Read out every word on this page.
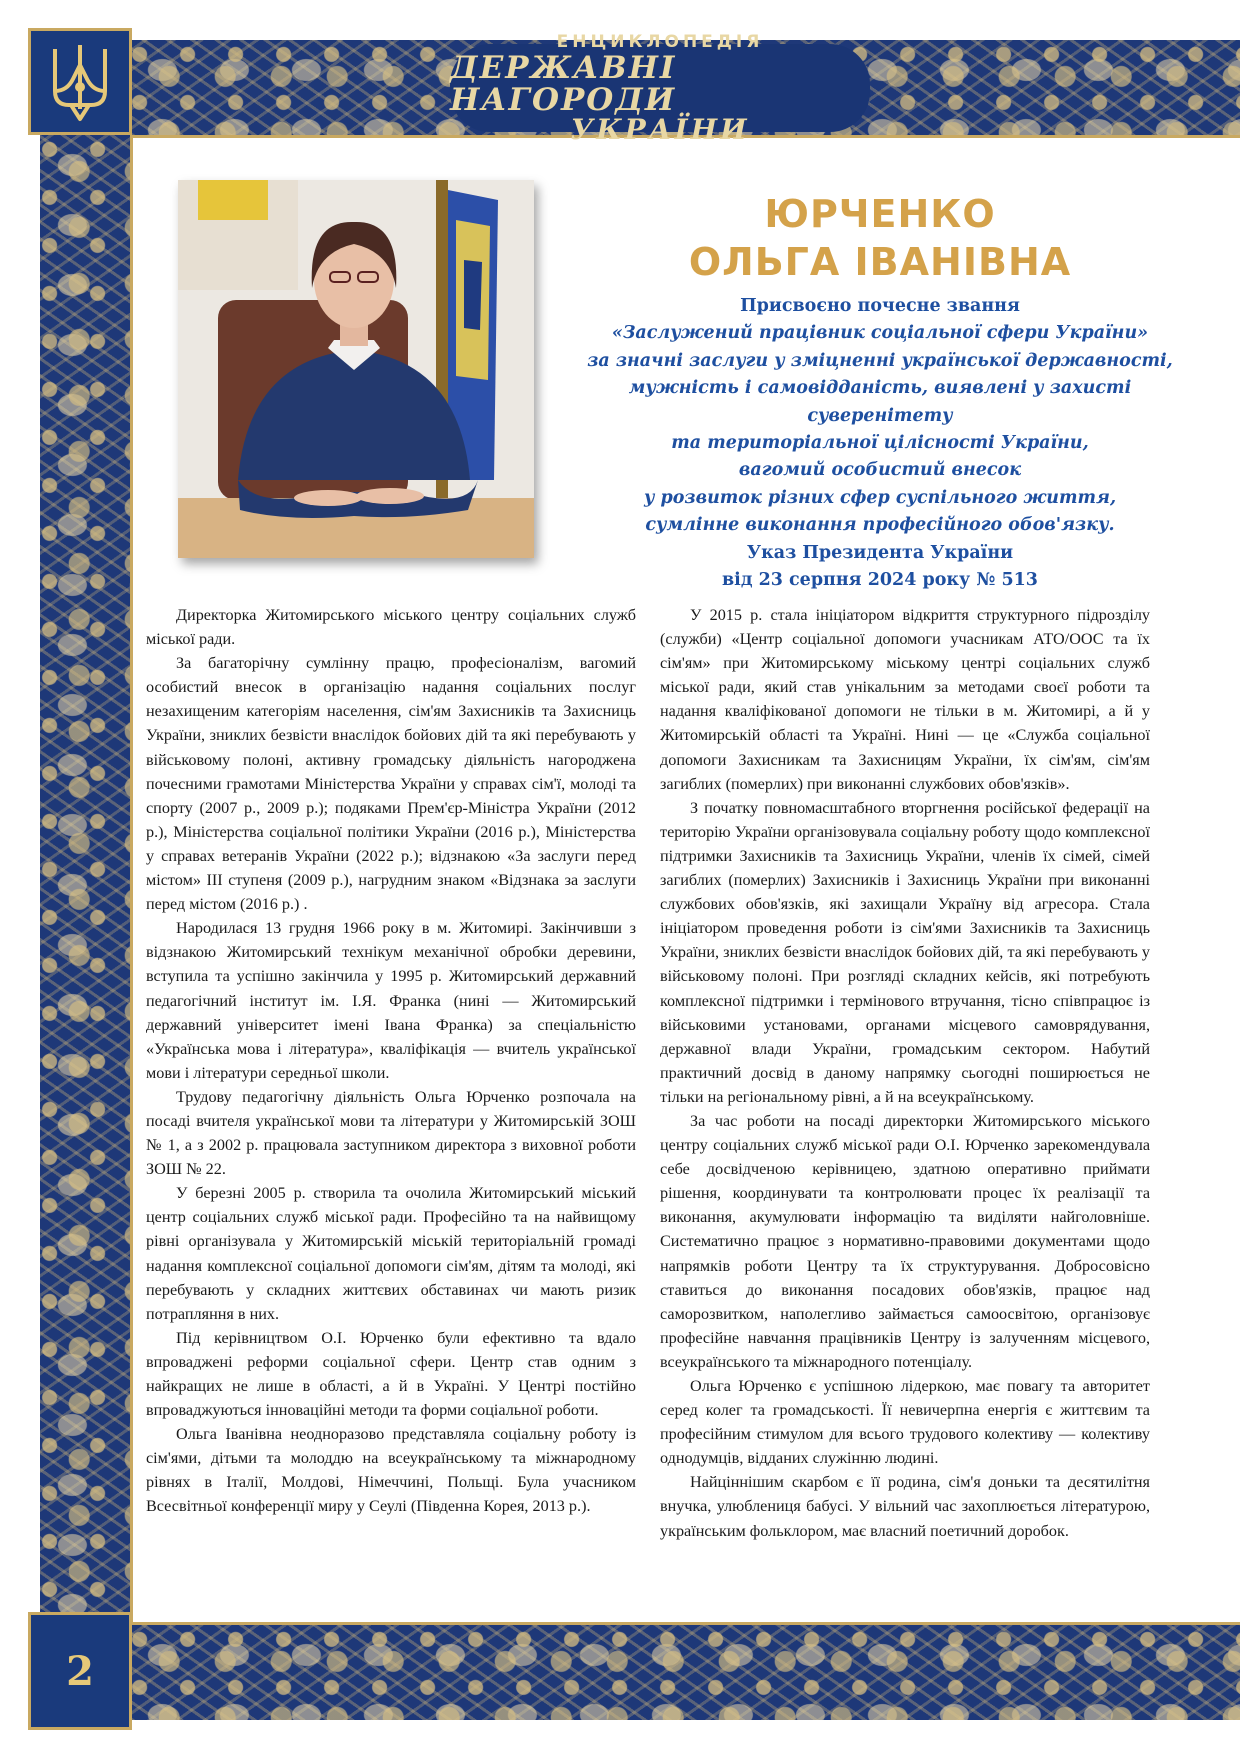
ЕНЦИКЛОПЕДІЯ
ДЕРЖАВНІ НАГОРОДИ
УКРАЇНИ
ЮРЧЕНКО
ОЛЬГА ІВАНІВНА
Присвоєно почесне звання
«Заслужений працівник соціальної сфери України»
за значні заслуги у зміцненні української державності,
мужність і самовідданість, виявлені у захисті суверенітету
та територіальної цілісності України,
вагомий особистий внесок
у розвиток різних сфер суспільного життя,
сумлінне виконання професійного обов'язку.
Указ Президента України
від 23 серпня 2024 року № 513

Директорка Житомирського міського центру соціальних служб міської ради.

За багаторічну сумлінну працю, професіоналізм, вагомий особистий внесок в організацію надання соціальних послуг незахищеним категоріям населення, сім'ям Захисників та Захисниць України, зниклих безвісти внаслідок бойових дій та які перебувають у військовому полоні, активну громадську діяльність нагороджена почесними грамотами Міністерства України у справах сім'ї, молоді та спорту (2007 р., 2009 р.); подяками Прем'єр-Міністра України (2012 р.), Міністерства соціальної політики України (2016 р.), Міністерства у справах ветеранів України (2022 р.); відзнакою «За заслуги перед містом» ІІІ ступеня (2009 р.), нагрудним знаком «Відзнака за заслуги перед містом (2016 р.) .

Народилася 13 грудня 1966 року в м. Житомирі. Закінчивши з відзнакою Житомирський технікум механічної обробки деревини, вступила та успішно закінчила у 1995 р. Житомирський державний педагогічний інститут ім. І.Я. Франка (нині — Житомирський державний університет імені Івана Франка) за спеціальністю «Українська мова і література», кваліфікація — вчитель української мови і літератури середньої школи.

Трудову педагогічну діяльність Ольга Юрченко розпочала на посаді вчителя української мови та літератури у Житомирській ЗОШ № 1, а з 2002 р. працювала заступником директора з виховної роботи ЗОШ № 22.

У березні 2005 р. створила та очолила Житомирський міський центр соціальних служб міської ради. Професійно та на найвищому рівні організувала у Житомирській міській територіальній громаді надання комплексної соціальної допомоги сім'ям, дітям та молоді, які перебувають у складних життєвих обставинах чи мають ризик потрапляння в них.

Під керівництвом О.І. Юрченко були ефективно та вдало впроваджені реформи соціальної сфери. Центр став одним з найкращих не лише в області, а й в Україні. У Центрі постійно впроваджуються інноваційні методи та форми соціальної роботи.

Ольга Іванівна неодноразово представляла соціальну роботу із сім'ями, дітьми та молоддю на всеукраїнському та міжнародному рівнях в Італії, Молдові, Німеччині, Польщі. Була учасником Всесвітньої конференції миру у Сеулі (Південна Корея, 2013 р.).

У 2015 р. стала ініціатором відкриття структурного підрозділу (служби) «Центр соціальної допомоги учасникам АТО/ООС та їх сім'ям» при Житомирському міському центрі соціальних служб міської ради, який став унікальним за методами своєї роботи та надання кваліфікованої допомоги не тільки в м. Житомирі, а й у Житомирській області та Україні. Нині — це «Служба соціальної допомоги Захисникам та Захисницям України, їх сім'ям, сім'ям загиблих (померлих) при виконанні службових обов'язків».

З початку повномасштабного вторгнення російської федерації на територію України організовувала соціальну роботу щодо комплексної підтримки Захисників та Захисниць України, членів їх сімей, сімей загиблих (померлих) Захисників і Захисниць України при виконанні службових обов'язків, які захищали Україну від агресора. Стала ініціатором проведення роботи із сім'ями Захисників та Захисниць України, зниклих безвісти внаслідок бойових дій, та які перебувають у військовому полоні. При розгляді складних кейсів, які потребують комплексної підтримки і термінового втручання, тісно співпрацює із військовими установами, органами місцевого самоврядування, державної влади України, громадським сектором. Набутий практичний досвід в даному напрямку сьогодні поширюється не тільки на регіональному рівні, а й на всеукраїнському.

За час роботи на посаді директорки Житомирського міського центру соціальних служб міської ради О.І. Юрченко зарекомендувала себе досвідченою керівницею, здатною оперативно приймати рішення, координувати та контролювати процес їх реалізації та виконання, акумулювати інформацію та виділяти найголовніше. Систематично працює з нормативно-правовими документами щодо напрямків роботи Центру та їх структурування. Добросовісно ставиться до виконання посадових обов'язків, працює над саморозвитком, наполегливо займається самоосвітою, організовує професійне навчання працівників Центру із залученням місцевого, всеукраїнського та міжнародного потенціалу.

Ольга Юрченко є успішною лідеркою, має повагу та авторитет серед колег та громадськості. Її невичерпна енергія є життєвим та професійним стимулом для всього трудового колективу — колективу однодумців, відданих служінню людині.

Найціннішим скарбом є її родина, сім'я доньки та десятилітня внучка, улюблениця бабусі. У вільний час захоплюється літературою, українським фольклором, має власний поетичний доробок.

2
